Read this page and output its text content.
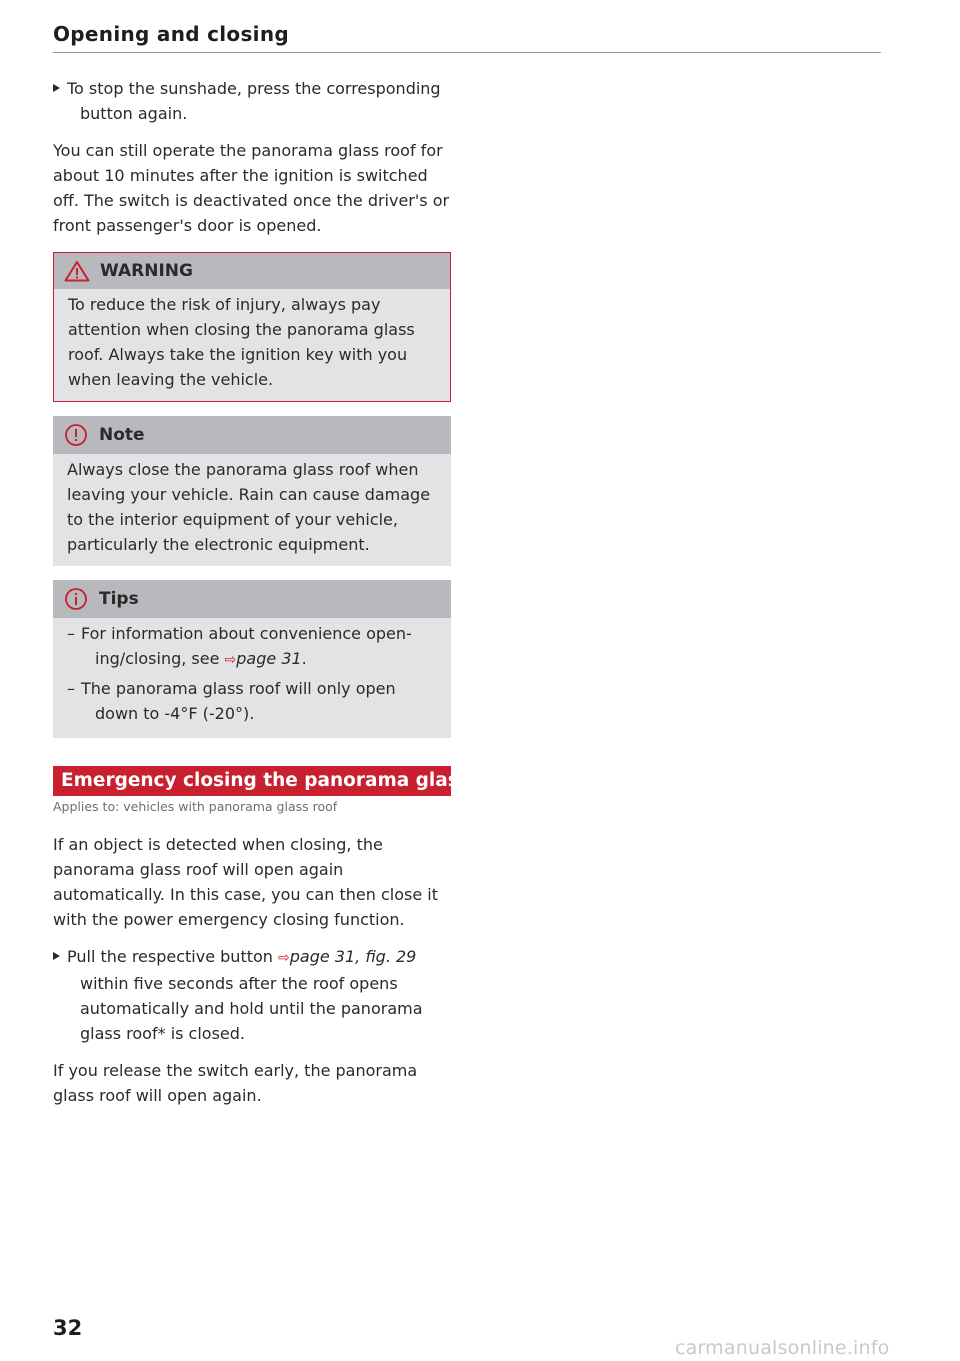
Opening and closing
To stop the sunshade, press the corresponding
button again.

You can still operate the panorama glass roof for about 10 minutes after the ignition is switched off. The switch is deactivated once the driver's or front passenger's door is opened.

WARNING

To reduce the risk of injury, always pay attention when closing the panorama glass roof. Always take the ignition key with you when leaving the vehicle.

Note

Always close the panorama glass roof when leaving your vehicle. Rain can cause damage to the interior equipment of your vehicle, particularly the electronic equipment.

Tips
– For information about convenience open-
ing/closing, see ⇨page 31.
– The panorama glass roof will only open
down to -4°F (-20°).
Emergency closing the panorama glass roof
Applies to: vehicles with panorama glass roof

If an object is detected when closing, the panorama glass roof will open again automatically. In this case, you can then close it with the power emergency closing function.

Pull the respective button ⇨page 31, fig. 29
within five seconds after the roof opens automatically and hold until the panorama glass roof* is closed.

If you release the switch early, the panorama glass roof will open again.

32
carmanualsonline.info
